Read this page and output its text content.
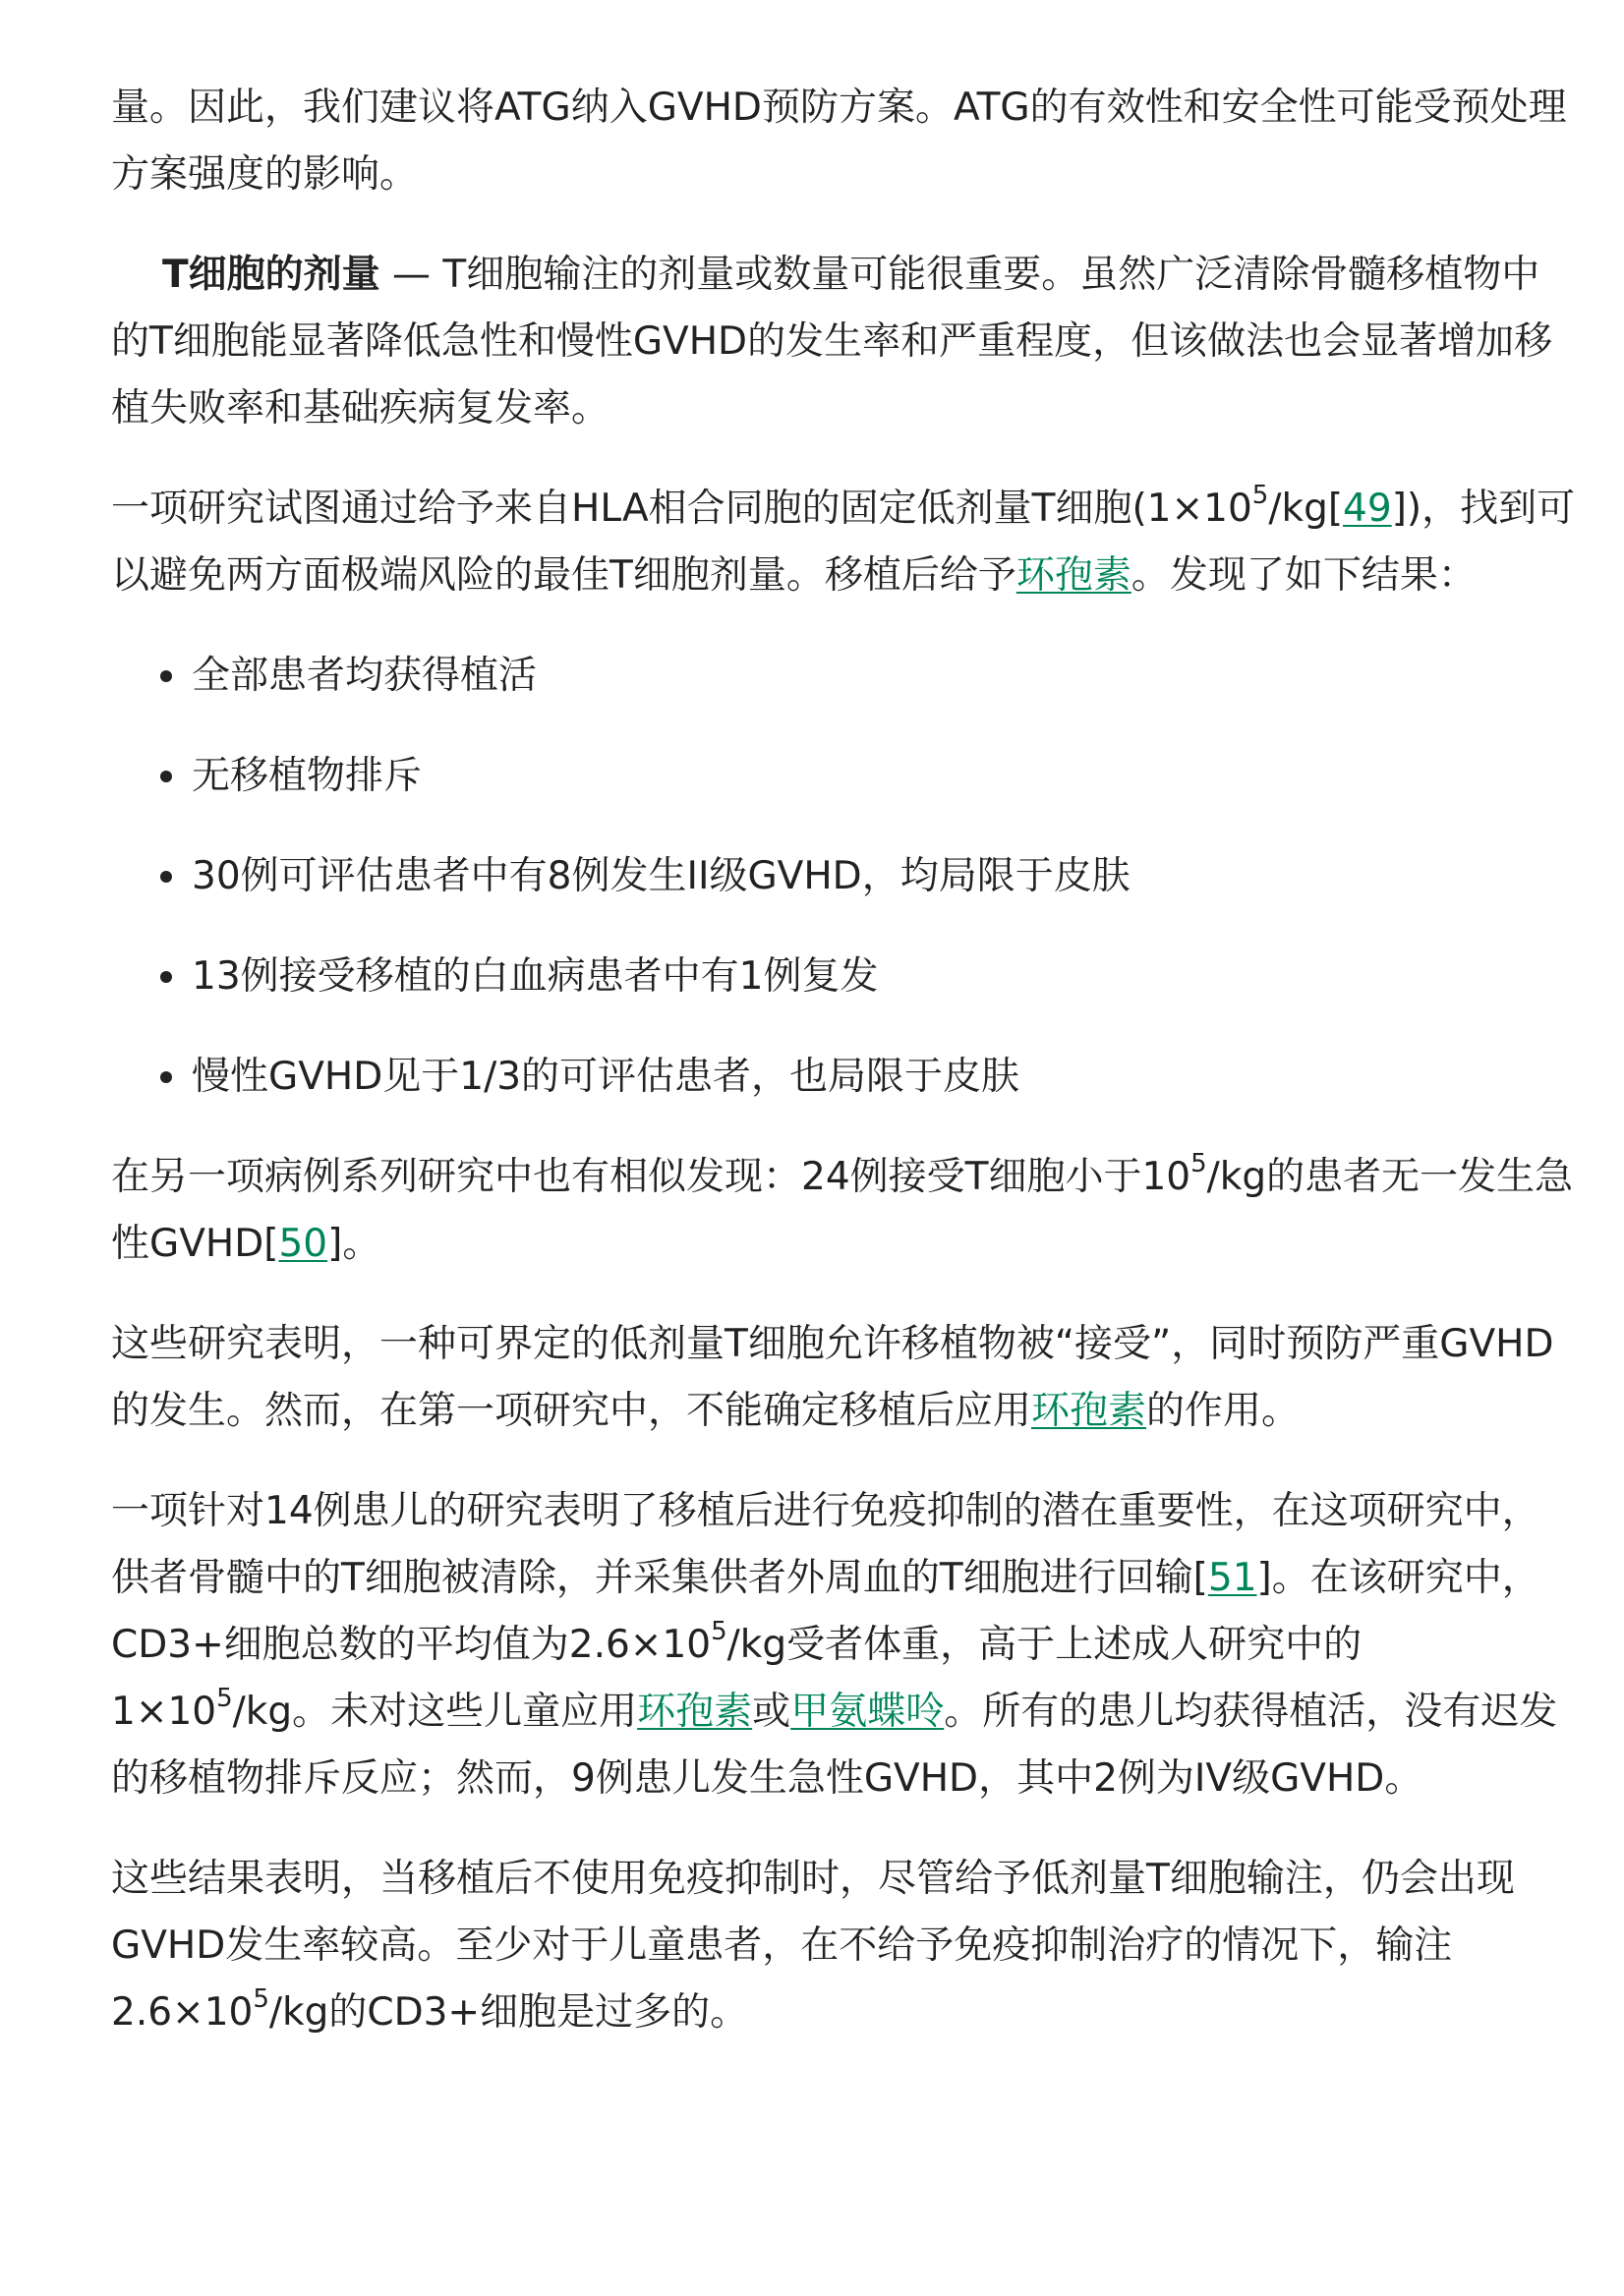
量。因此，我们建议将ATG纳入GVHD预防方案。ATG的有效性和安全性可能受预处理方案强度的影响。

T细胞的剂量 — T细胞输注的剂量或数量可能很重要。虽然广泛清除骨髓移植物中的T细胞能显著降低急性和慢性GVHD的发生率和严重程度，但该做法也会显著增加移植失败率和基础疾病复发率。

一项研究试图通过给予来自HLA相合同胞的固定低剂量T细胞$(1\times 10^5/kg[49])$，找到可以避免两方面极端风险的最佳T细胞剂量。移植后给予环孢素。发现了如下结果：

全部患者均获得植活
无移植物排斥
30例可评估患者中有8例发生II级GVHD，均局限于皮肤
13例接受移植的白血病患者中有1例复发
慢性GVHD见于1/3的可评估患者，也局限于皮肤

在另一项病例系列研究中也有相似发现：24例接受T细胞小于$10^5/kg$的患者无一发生急性GVHD[50]。

这些研究表明，一种可界定的低剂量T细胞允许移植物被“接受”，同时预防严重GVHD的发生。然而，在第一项研究中，不能确定移植后应用环孢素的作用。

一项针对14例患儿的研究表明了移植后进行免疫抑制的潜在重要性，在这项研究中，供者骨髓中的T细胞被清除，并采集供者外周血的T细胞进行回输[51]。在该研究中，CD3+细胞总数的平均值为$2.6\times 10^5/kg$受者体重，高于上述成人研究中的$1\times 10^5/kg$。未对这些儿童应用环孢素或甲氨蝶呤。所有的患儿均获得植活，没有迟发的移植物排斥反应；然而，9例患儿发生急性GVHD，其中2例为IV级GVHD。

这些结果表明，当移植后不使用免疫抑制时，尽管给予低剂量T细胞输注，仍会出现GVHD发生率较高。至少对于儿童患者，在不给予免疫抑制治疗的情况下，输注$2.6\times 10^5/kg$的CD3+细胞是过多的。
